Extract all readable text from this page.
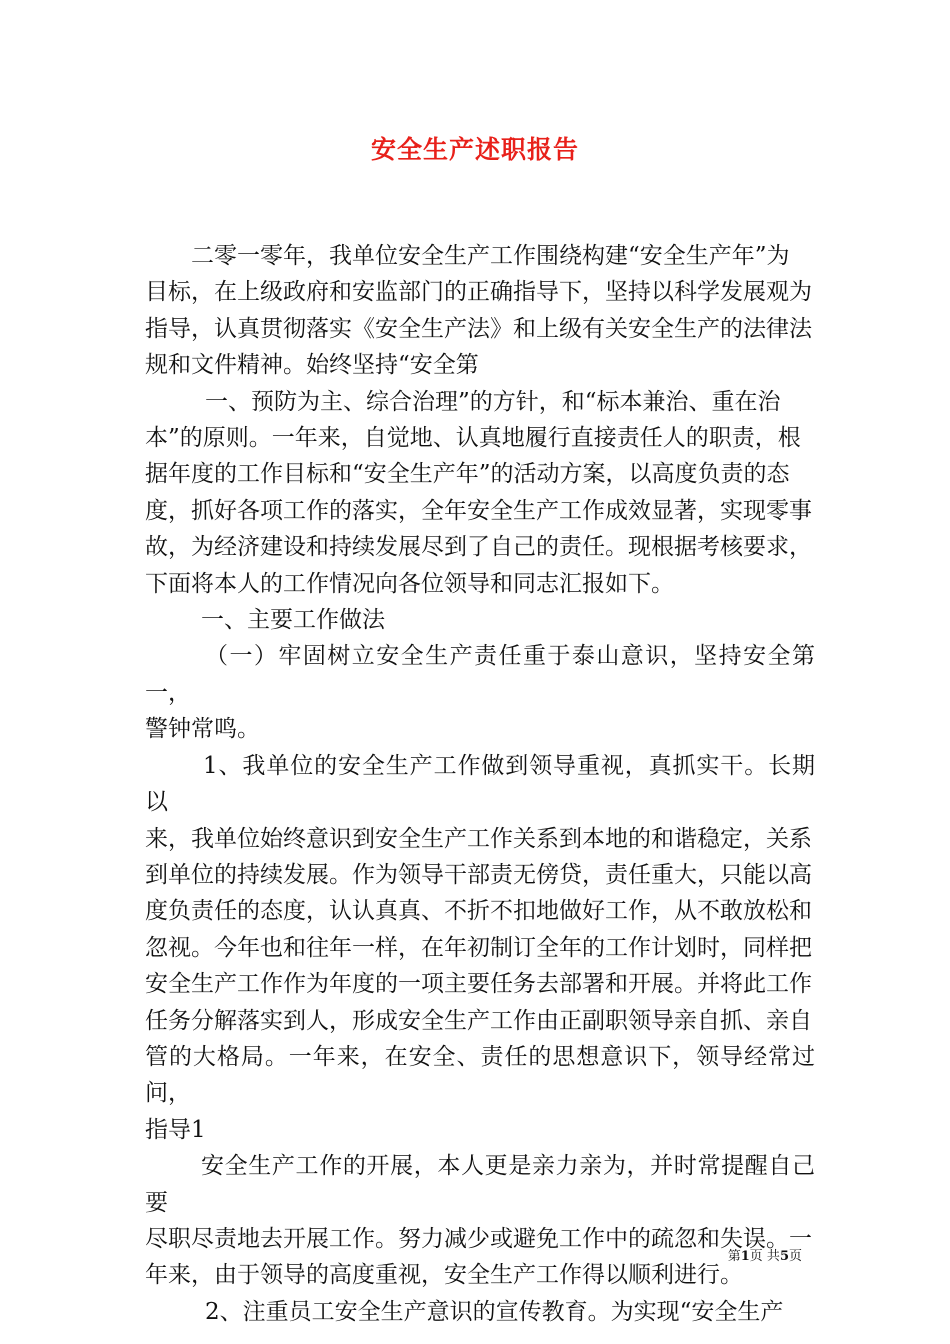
安全生产述职报告

二零一零年，我单位安全生产工作围绕构建“安全生产年”为

目标，在上级政府和安监部门的正确指导下，坚持以科学发展观为

指导，认真贯彻落实《安全生产法》和上级有关安全生产的法律法

规和文件精神。始终坚持“安全第

一、预防为主、综合治理”的方针，和“标本兼治、重在治

本”的原则。一年来，自觉地、认真地履行直接责任人的职责，根

据年度的工作目标和“安全生产年”的活动方案，以高度负责的态

度，抓好各项工作的落实，全年安全生产工作成效显著，实现零事

故，为经济建设和持续发展尽到了自己的责任。现根据考核要求，

下面将本人的工作情况向各位领导和同志汇报如下。

一、主要工作做法

（一）牢固树立安全生产责任重于泰山意识，坚持安全第一，

警钟常鸣。

1、我单位的安全生产工作做到领导重视，真抓实干。长期以

来，我单位始终意识到安全生产工作关系到本地的和谐稳定，关系

到单位的持续发展。作为领导干部责无傍贷，责任重大，只能以高

度负责任的态度，认认真真、不折不扣地做好工作，从不敢放松和

忽视。今年也和往年一样，在年初制订全年的工作计划时，同样把

安全生产工作作为年度的一项主要任务去部署和开展。并将此工作

任务分解落实到人，形成安全生产工作由正副职领导亲自抓、亲自

管的大格局。一年来，在安全、责任的思想意识下，领导经常过问，

指导1

安全生产工作的开展，本人更是亲力亲为，并时常提醒自己要

尽职尽责地去开展工作。努力减少或避免工作中的疏忽和失误。一

年来，由于领导的高度重视，安全生产工作得以顺利进行。

2、注重员工安全生产意识的宣传教育。为实现“安全生产

第1页 共5页
